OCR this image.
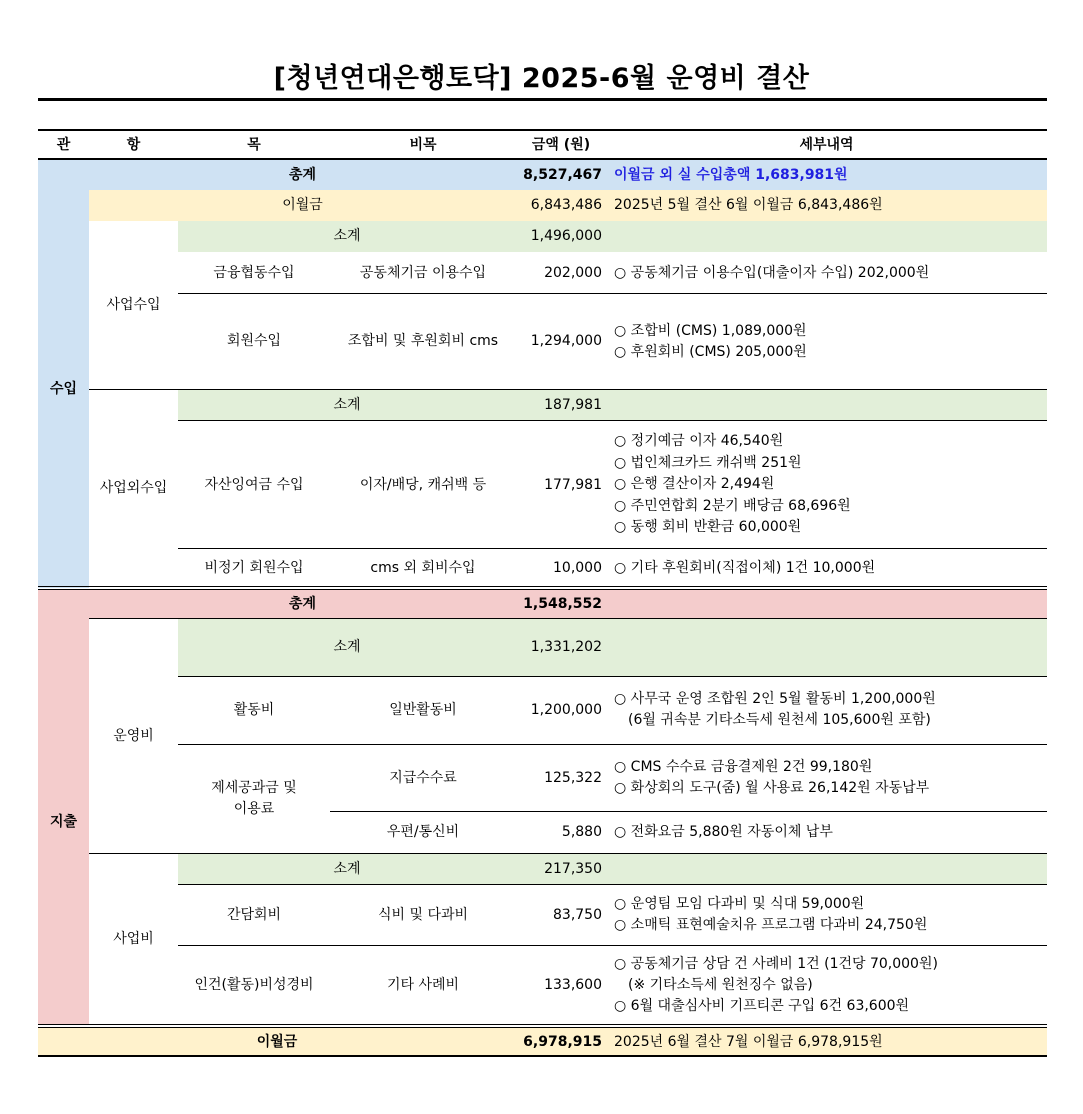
[청년연대은행토닥] 2025-6월 운영비 결산
관	항	목	비목	금액 (원)	세부내역
수입
총계	8,527,467 이월금 외 실 수입총액 1,683,981원
이월금	6,843,486 2025년 5월 결산 6월 이월금 6,843,486원
사업수입
소계	1,496,000
금융협동수입	공동체기금 이용수입	202,000 ○ 공동체기금 이용수입(대출이자 수입) 202,000원
회원수입	조합비 및 후원회비 cms	1,294,000
○ 조합비 (CMS) 1,089,000원
○ 후원회비 (CMS) 205,000원
사업외수입
소계	187,981
자산잉여금 수입	이자/배당, 캐쉬백 등	177,981
○ 정기예금 이자 46,540원
○ 법인체크카드 캐쉬백 251원
○ 은행 결산이자 2,494원
○ 주민연합회 2분기 배당금 68,696원
○ 동행 회비 반환금 60,000원
비정기 회원수입	cms 외 회비수입	10,000 ○ 기타 후원회비(직접이체) 1건 10,000원
지출
총계	1,548,552
운영비
소계	1,331,202
활동비	일반활동비	1,200,000
○ 사무국 운영 조합원 2인 5월 활동비 1,200,000원
(6월 귀속분 기타소득세 원천세 105,600원 포함)
제세공과금 및
이용료
지급수수료	125,322
○ CMS 수수료 금융결제원 2건 99,180원
○ 화상회의 도구(줌) 월 사용료 26,142원 자동납부
우편/통신비	5,880 ○ 전화요금 5,880원 자동이체 납부
사업비
소계	217,350
간담회비	식비 및 다과비	83,750
○ 운영팀 모임 다과비 및 식대 59,000원
○ 소매틱 표현예술치유 프로그램 다과비 24,750원
인건(활동)비성경비	기타 사례비	133,600
○ 공동체기금 상담 건 사례비 1건 (1건당 70,000원)
(※ 기타소득세 원천징수 없음)
○ 6월 대출심사비 기프티콘 구입 6건 63,600원
이월금	6,978,915 2025년 6월 결산 7월 이월금 6,978,915원
